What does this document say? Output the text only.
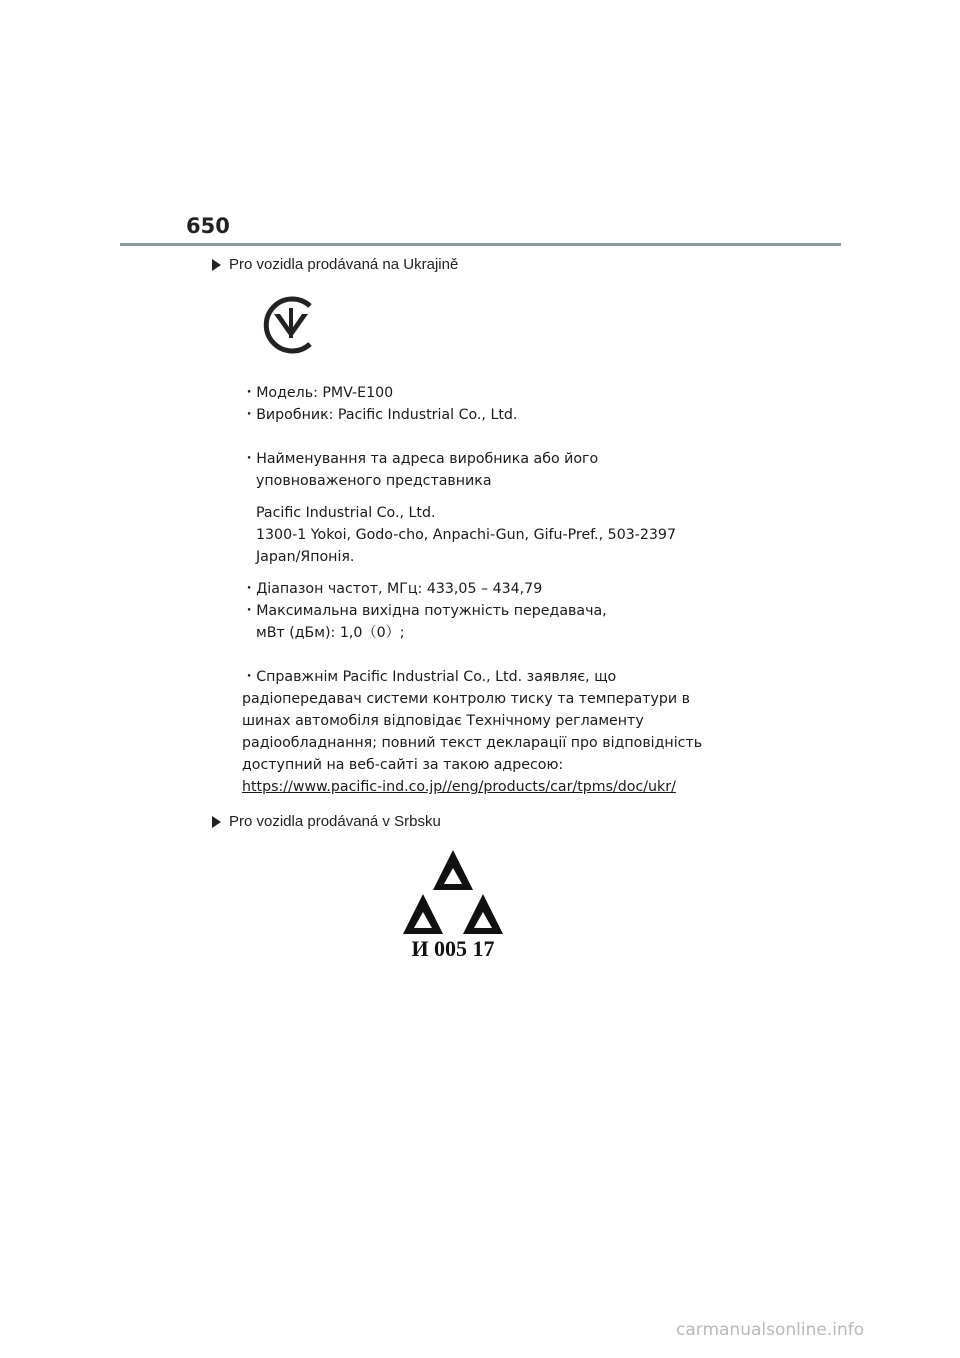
650
Pro vozidla prodávaná na Ukrajině
・Модель: PMV-E100
・Виробник: Pacific Industrial Co., Ltd.
・Найменування та адреса виробника або його
уповноваженого представника
Pacific Industrial Co., Ltd.
1300-1 Yokoi, Godo-cho, Anpachi-Gun, Gifu-Pref., 503-2397
Japan/Японія.
・Діапазон частот, МГц: 433,05 – 434,79
・Максимальна вихідна потужність передавача,
мВт (дБм): 1,0（0）;
・Справжнім Pacific Industrial Co., Ltd. заявляє, що
радіопередавач системи контролю тиску та температури в
шинах автомобіля відповідає Технічному регламенту
радіообладнання; повний текст декларації про відповідність
доступний на веб-сайті за такою адресою:
https://www.pacific-ind.co.jp//eng/products/car/tpms/doc/ukr/
Pro vozidla prodávaná v Srbsku
И 005 17
carmanualsonline.info
